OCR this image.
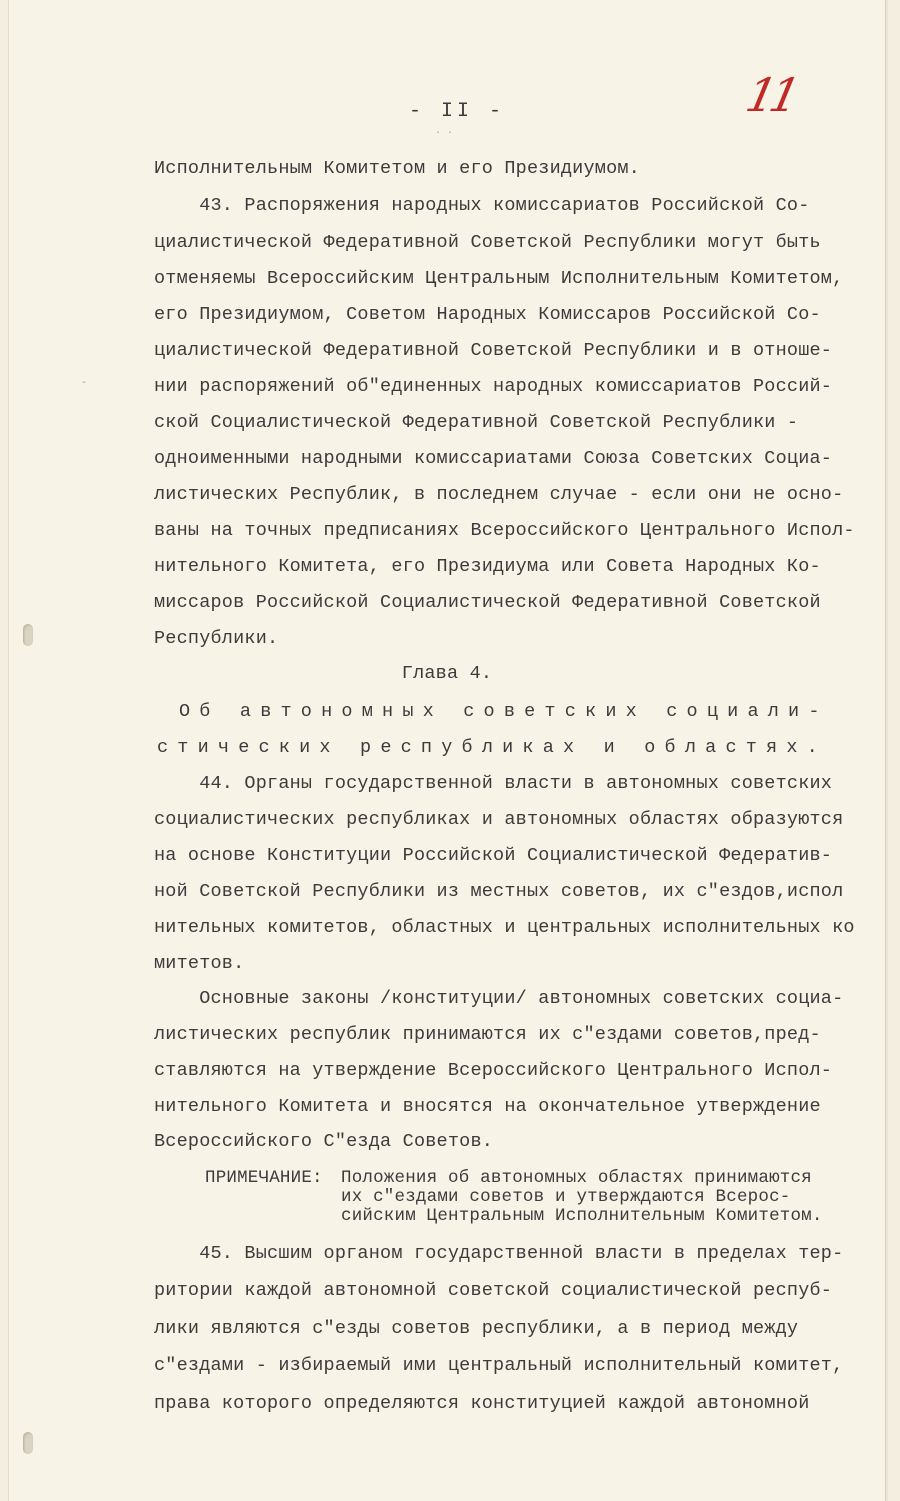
- II -	11
· ·
-
Исполнительным Комитетом и его Президиумом.
43. Распоряжения народных комиссариатов Российской Со-
циалистической Федеративной Советской Республики могут быть
отменяемы Всероссийским Центральным Исполнительным Комитетом,
его Президиумом, Советом Народных Комиссаров Российской Со-
циалистической Федеративной Советской Республики и в отноше-
нии распоряжений об"единенных народных комиссариатов Россий-
ской Социалистической Федеративной Советской Республики -
одноименными народными комиссариатами Союза Советских Социа-
листических Республик, в последнем случае - если они не осно-
ваны на точных предписаниях Всероссийского Центрального Испол-
нительного Комитета, его Президиума или Совета Народных Ко-
миссаров Российской Социалистической Федеративной Советской
Республики.
Глава 4.
Об автономных советских социали-
стических республиках и областях.
44. Органы государственной власти в автономных советских
социалистических республиках и автономных областях образуются
на основе Конституции Российской Социалистической Федератив-
ной Советской Республики из местных советов, их с"ездов,испол
нительных комитетов, областных и центральных исполнительных ко
митетов.
Основные законы /конституции/ автономных советских социа-
листических республик принимаются их с"ездами советов,пред-
ставляются на утверждение Всероссийского Центрального Испол-
нительного Комитета и вносятся на окончательное утверждение
Всероссийского С"езда Советов.
ПРИМЕЧАНИЕ: Положения об автономных областях принимаются
их с"ездами советов и утверждаются Всерос-
сийским Центральным Исполнительным Комитетом.
45. Высшим органом государственной власти в пределах тер-
ритории каждой автономной советской социалистической респуб-
лики являются с"езды советов республики, а в период между
с"ездами - избираемый ими центральный исполнительный комитет,
права которого определяются конституцией каждой автономной
